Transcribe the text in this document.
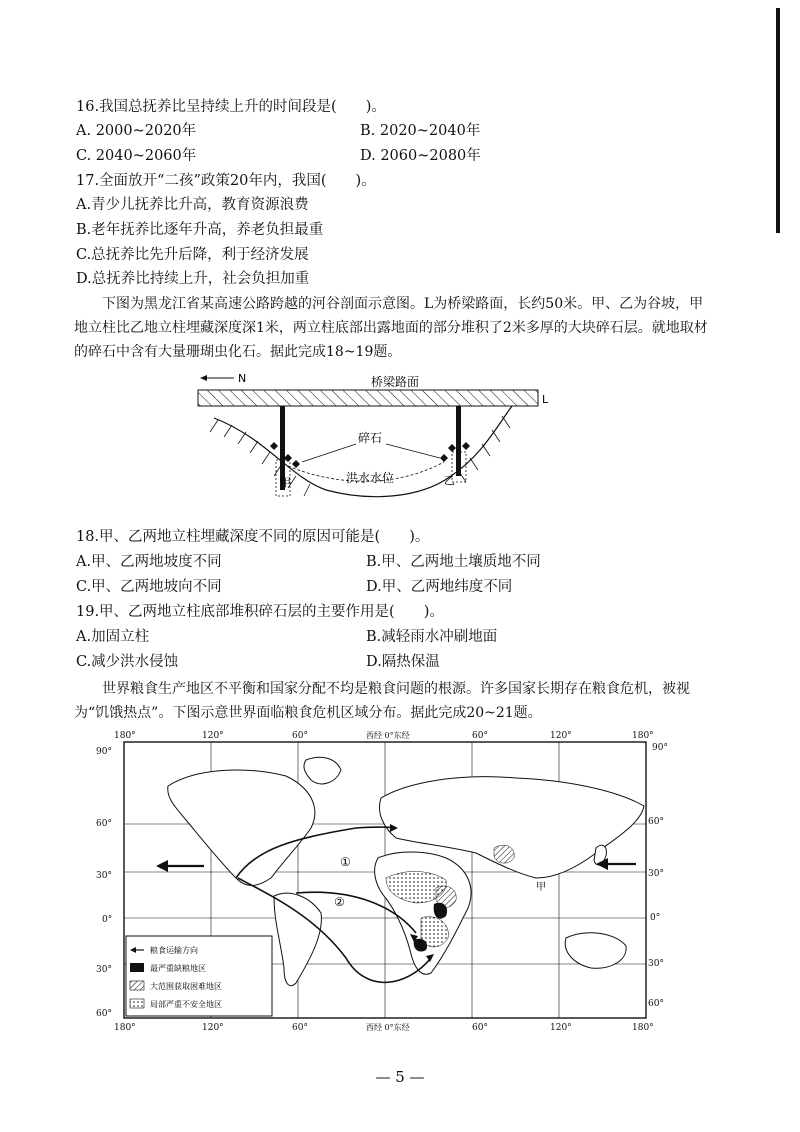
16.我国总抚养比呈持续上升的时间段是(　　)。
A. 2000~2020年	B. 2020~2040年
C. 2040~2060年	D. 2060~2080年
17.全面放开“二孩”政策20年内，我国(　　)。
A.青少儿抚养比升高，教育资源浪费
B.老年抚养比逐年升高，养老负担最重
C.总抚养比先升后降，利于经济发展
D.总抚养比持续上升，社会负担加重
下图为黑龙江省某高速公路跨越的河谷剖面示意图。L为桥梁路面，长约50米。甲、乙为谷坡，甲地立柱比乙地立柱埋藏深度深1米，两立柱底部出露地面的部分堆积了2米多厚的大块碎石层。就地取材的碎石中含有大量珊瑚虫化石。据此完成18~19题。
N	桥梁路面
L
碎石
洪水水位
甲	乙
18.甲、乙两地立柱埋藏深度不同的原因可能是(　　)。
A.甲、乙两地坡度不同	B.甲、乙两地土壤质地不同
C.甲、乙两地坡向不同	D.甲、乙两地纬度不同
19.甲、乙两地立柱底部堆积碎石层的主要作用是(　　)。
A.加固立柱	B.减轻雨水冲刷地面
C.减少洪水侵蚀	D.隔热保温
世界粮食生产地区不平衡和国家分配不均是粮食问题的根源。许多国家长期存在粮食危机，被视为“饥饿热点”。下图示意世界面临粮食危机区域分布。据此完成20~21题。
180°	120°	60°	西经 0°东经	60°	120°	180°
90°
60°
30°
0°
30°
60°
90°
60°
30°
0°
30°
60°
①
②
甲
180°	120°	60°	西经 0°东经	60°	120°	180°
粮食运输方向
最严重缺粮地区
大范围获取困难地区
局部严重不安全地区
— 5 —
